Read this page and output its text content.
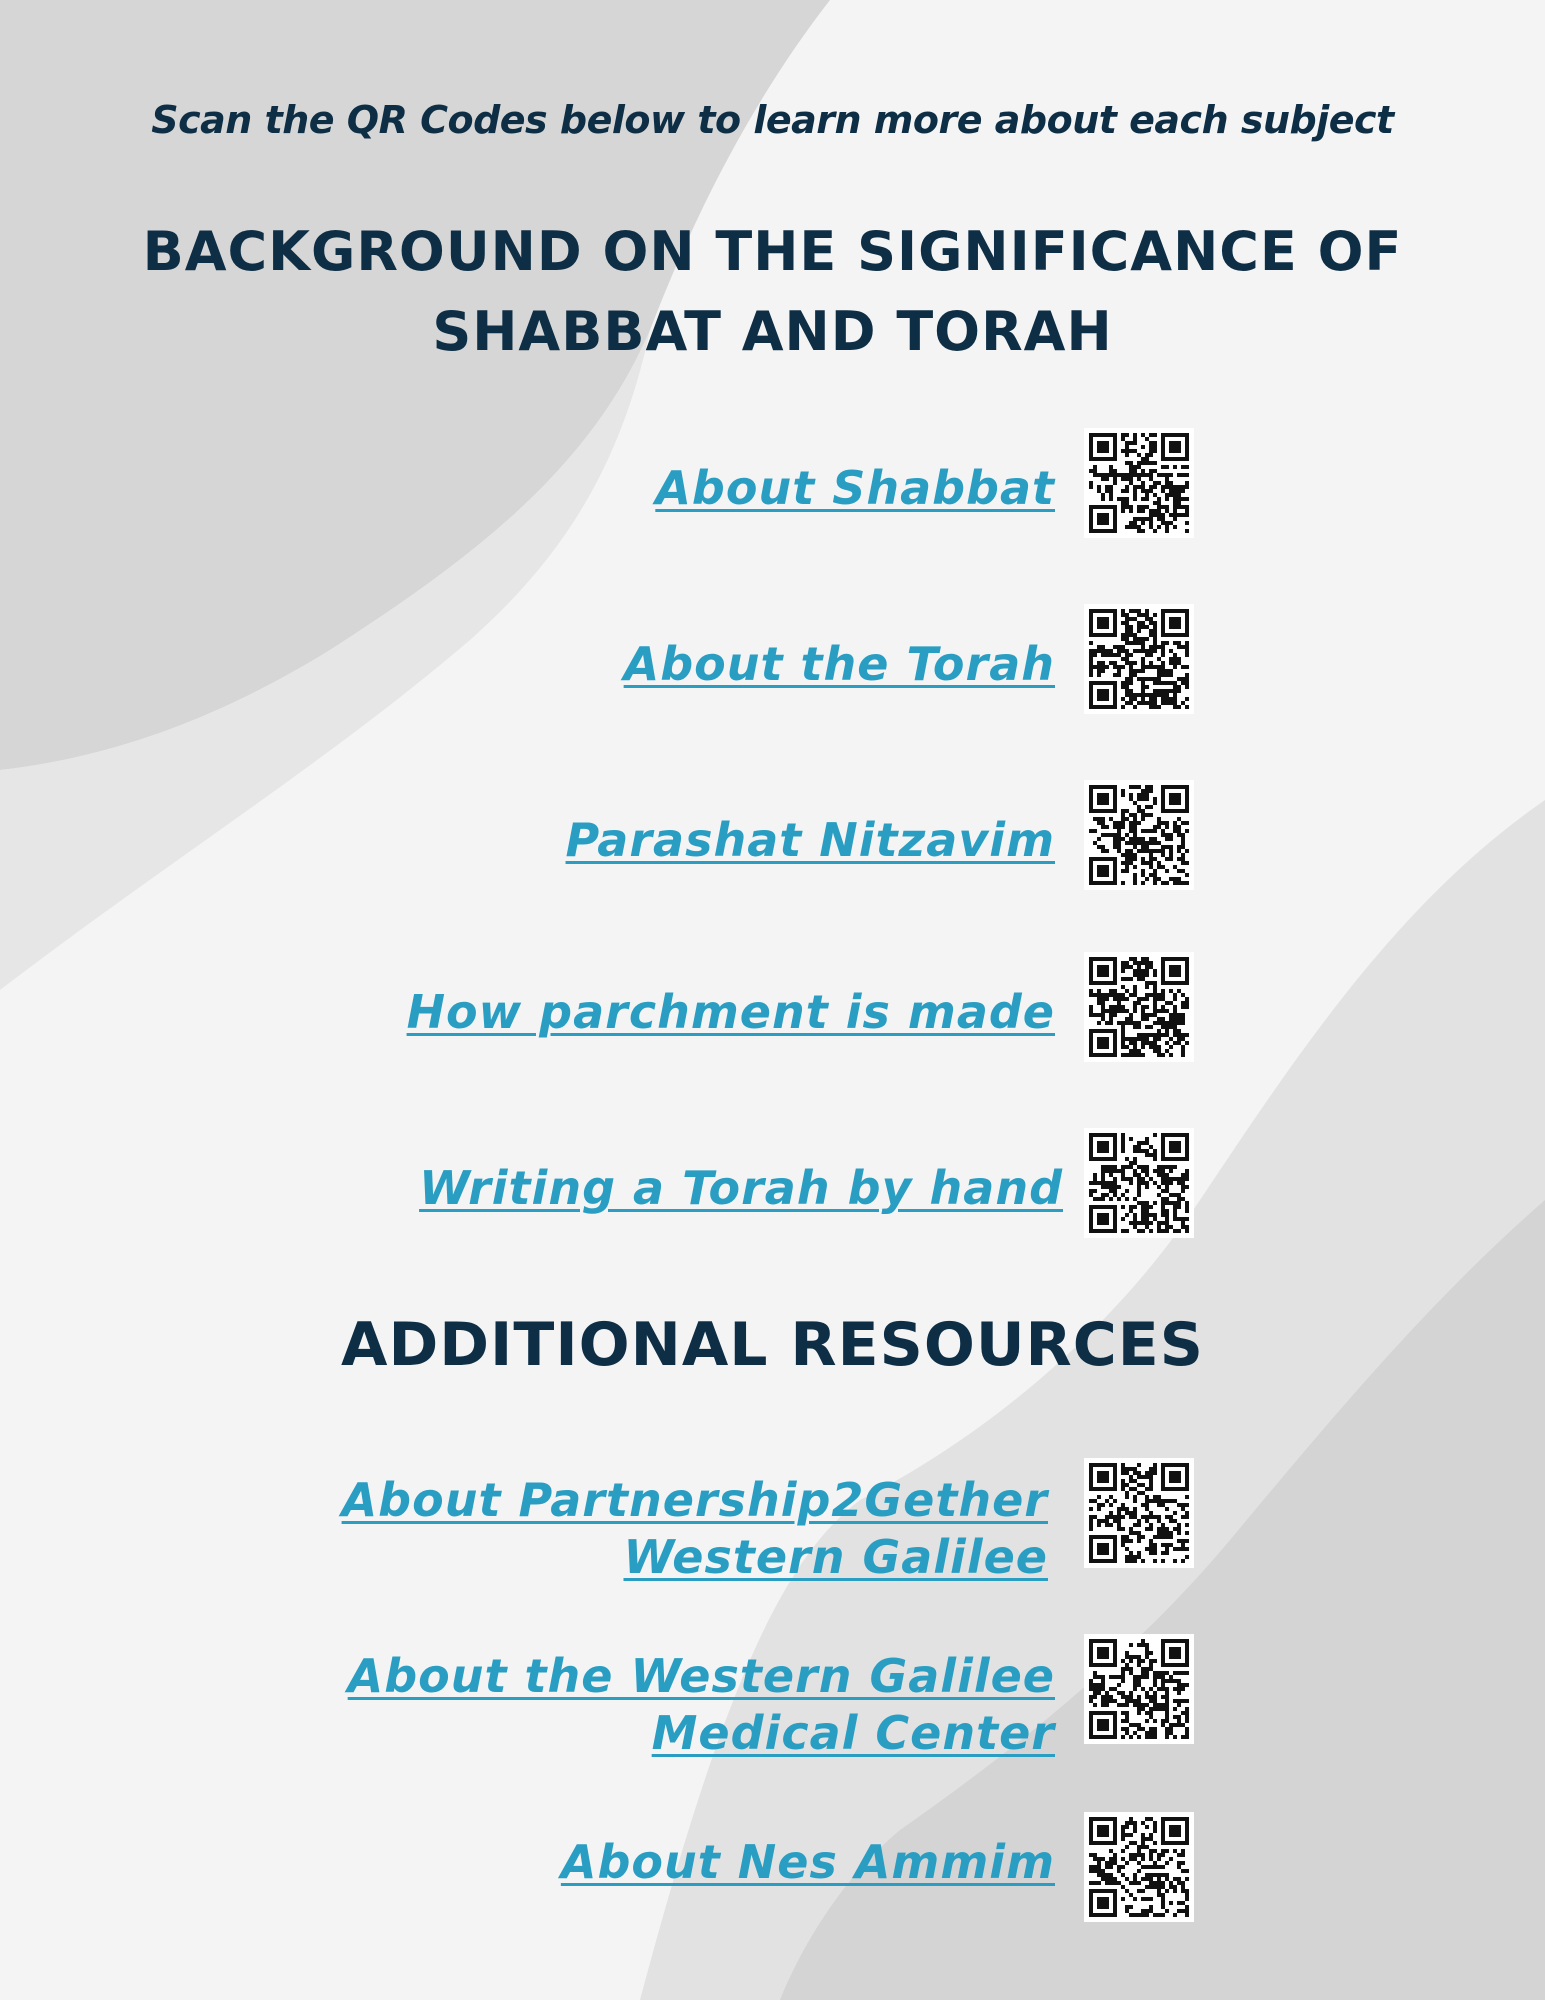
Scan the QR Codes below to learn more about each subject
BACKGROUND ON THE SIGNIFICANCE OF
SHABBAT AND TORAH
About Shabbat
About the Torah
Parashat Nitzavim
How parchment is made
Writing a Torah by hand
ADDITIONAL RESOURCES
About Partnership2Gether
Western Galilee
About the Western Galilee
Medical Center
About Nes Ammim
